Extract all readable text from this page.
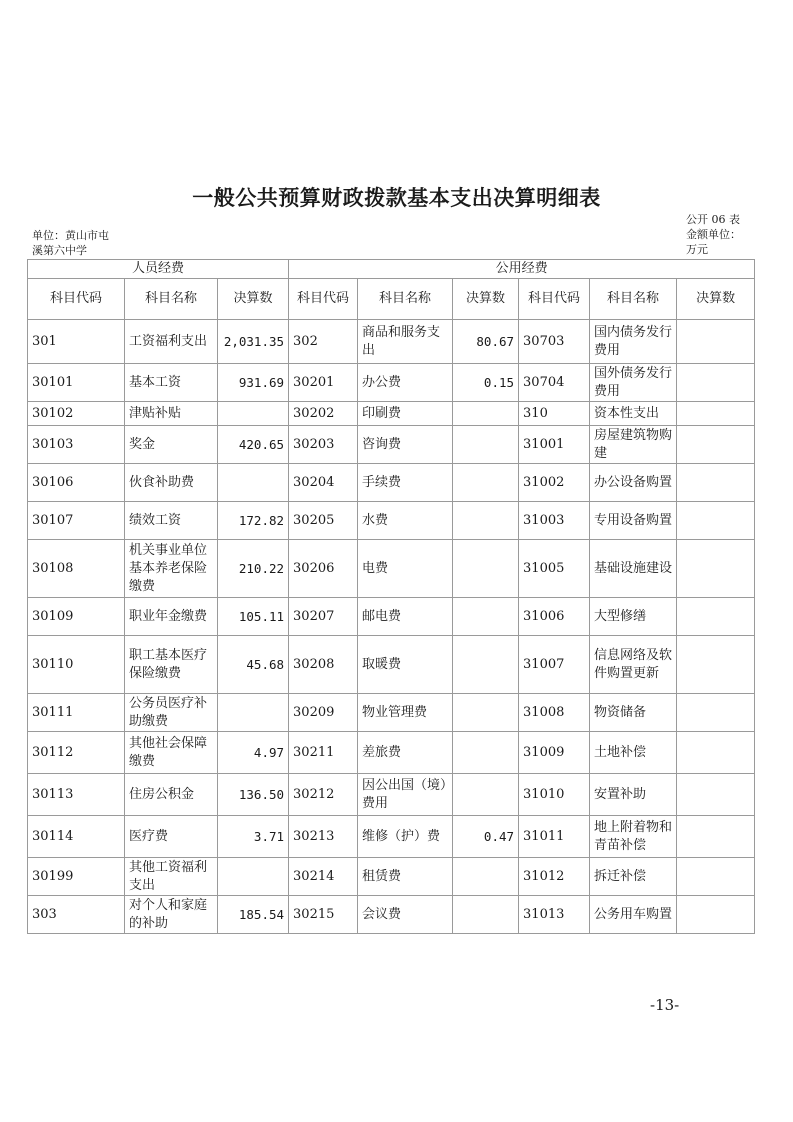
一般公共预算财政拨款基本支出决算明细表
单位：黄山市屯
溪第六中学
公开 06 表
金额单位：
万元
人员经费			公用经费					
科目代码	科目名称	决算数	科目代码	科目名称	决算数	科目代码	科目名称	决算数
301	工资福利支出	2,031.35	302	商品和服务支出	80.67	30703	国内债务发行费用	
30101	基本工资	931.69	30201	办公费	0.15	30704	国外债务发行费用	
30102	津贴补贴		30202	印刷费		310	资本性支出	
30103	奖金	420.65	30203	咨询费		31001	房屋建筑物购建	
30106	伙食补助费		30204	手续费		31002	办公设备购置	
30107	绩效工资	172.82	30205	水费		31003	专用设备购置	
30108	机关事业单位基本养老保险缴费	210.22	30206	电费		31005	基础设施建设	
30109	职业年金缴费	105.11	30207	邮电费		31006	大型修缮	
30110	职工基本医疗保险缴费	45.68	30208	取暖费		31007	信息网络及软件购置更新	
30111	公务员医疗补助缴费		30209	物业管理费		31008	物资储备	
30112	其他社会保障缴费	4.97	30211	差旅费		31009	土地补偿	
30113	住房公积金	136.50	30212	因公出国（境）费用		31010	安置补助	
30114	医疗费	3.71	30213	维修（护）费	0.47	31011	地上附着物和青苗补偿	
30199	其他工资福利支出		30214	租赁费		31012	拆迁补偿	
303	对个人和家庭的补助	185.54	30215	会议费		31013	公务用车购置	
-13-
